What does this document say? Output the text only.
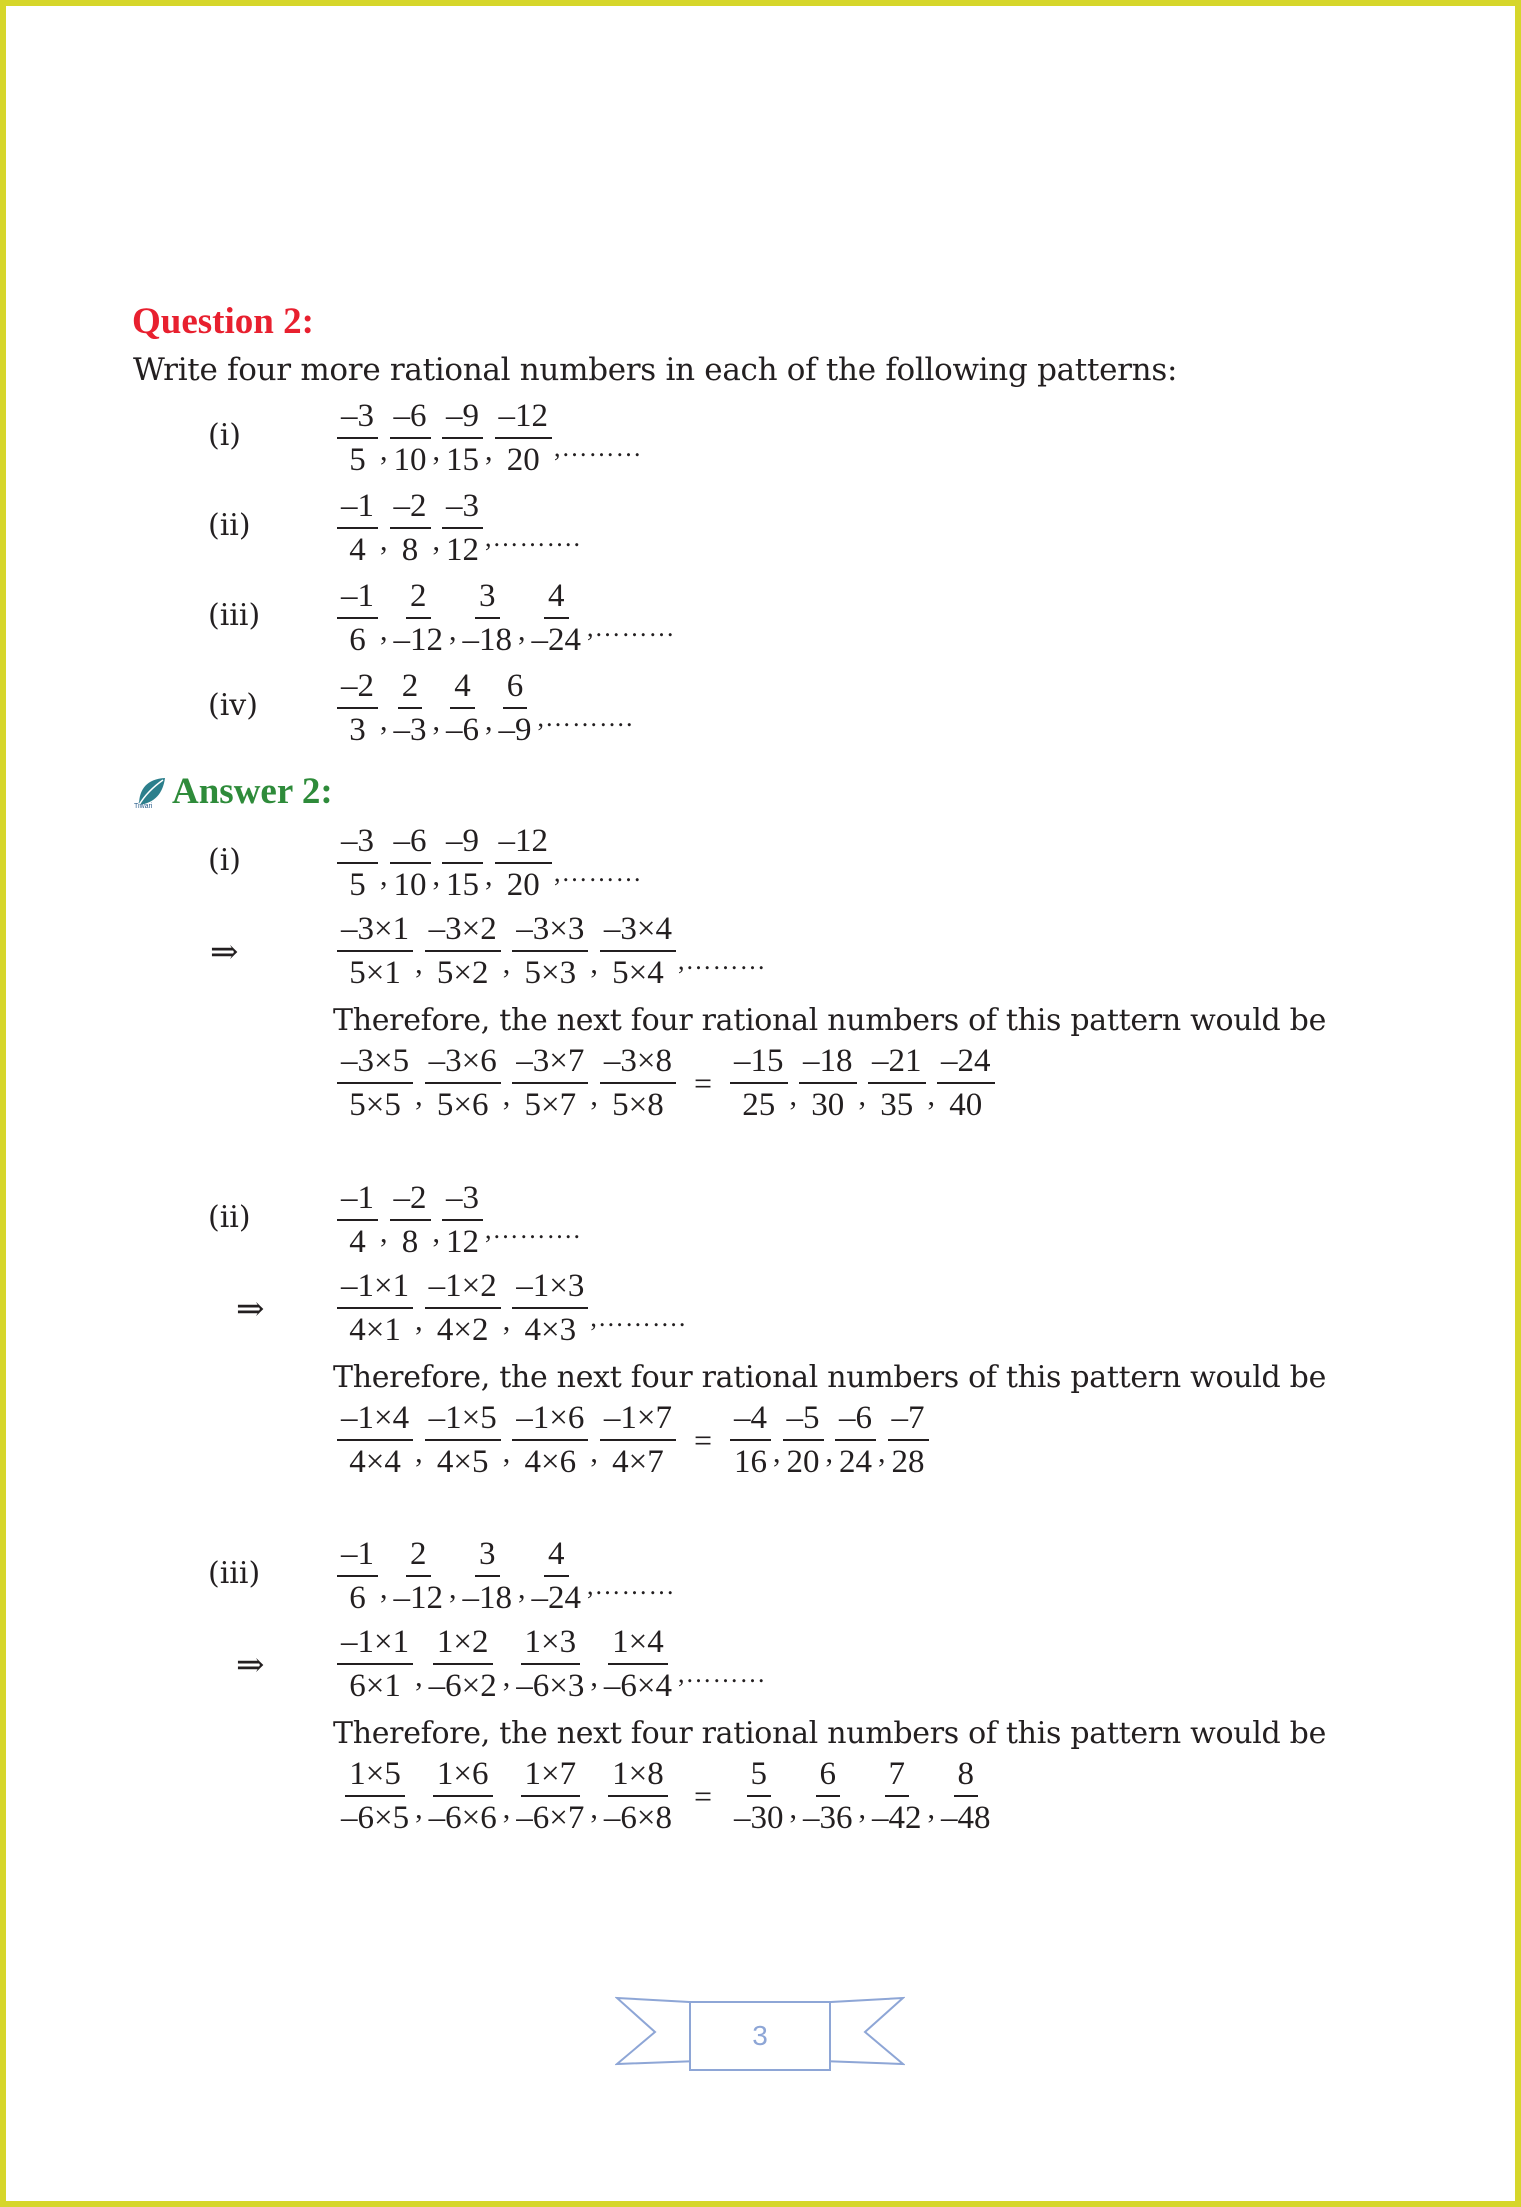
Question 2:
Write four more rational numbers in each of the following patterns:
Tiwari Answer 2:
3
(i)	$\frac{-3}{5}$ , $\frac{-6}{10}$ , $\frac{-9}{15}$ , $\frac{-12}{20}$ ,………
(ii)	$\frac{-1}{4}$ , $\frac{-2}{8}$ , $\frac{-3}{12}$ ,……….
$(iii) \frac{-1}{6}$ , $\frac{2}{-12}$ , $\frac{3}{-18}$ , $\frac{4}{-24}$ ,………
$(iv) \frac{-2}{3}$ , $\frac{2}{-3}$ , $\frac{4}{-6}$ , $\frac{6}{-9}$ ,……….
(i)	$\frac{-3}{5}$ , $\frac{-6}{10}$ , $\frac{-9}{15}$ , $\frac{-12}{20}$ ,………
⇒	$\frac{-3\times 1}{5\times 1}$ , $\frac{-3\times 2}{5\times 2}$ , $\frac{-3\times 3}{5\times 3}$ , $\frac{-3\times 4}{5\times 4}$ ,………
Therefore, the next four rational numbers of this pattern would be
$\frac{-3\times 5}{5\times 5}$ , $\frac{-3\times 6}{5\times 6}$ , $\frac{-3\times 7}{5\times 7}$ , $\frac{-3\times 8}{5\times 8} = \frac{-15}{25}$ , $\frac{-18}{30}$ , $\frac{-21}{35}$ , $\frac{-24}{40}$
(ii)	$\frac{-1}{4}$ , $\frac{-2}{8}$ , $\frac{-3}{12}$ ,……….
⇒ $\frac{-1\times 1}{4\times 1}$ , $\frac{-1\times 2}{4\times 2}$ , $\frac{-1\times 3}{4\times 3}$ ,……….
Therefore, the next four rational numbers of this pattern would be
$\frac{-1\times 4}{4\times 4}$ , $\frac{-1\times 5}{4\times 5}$ , $\frac{-1\times 6}{4\times 6}$ , $\frac{-1\times 7}{4\times 7} = \frac{-4}{16}$ , $\frac{-5}{20}$ , $\frac{-6}{24}$ , $\frac{-7}{28}$
$(iii) \frac{-1}{6}$ , $\frac{2}{-12}$ , $\frac{3}{-18}$ , $\frac{4}{-24}$ ,………
⇒ $\frac{-1\times 1}{6\times 1}$ , $\frac{1\times 2}{-6\times 2}$ , $\frac{1\times 3}{-6\times 3}$ , $\frac{1\times 4}{-6\times 4}$ ,………
Therefore, the next four rational numbers of this pattern would be
$\frac{1\times 5}{-6\times 5}$ , $\frac{1\times 6}{-6\times 6}$ , $\frac{1\times 7}{-6\times 7}$ , $\frac{1\times 8}{-6\times 8} = \frac{5}{-30}$ , $\frac{6}{-36}$ , $\frac{7}{-42}$ , $\frac{8}{-48}$
